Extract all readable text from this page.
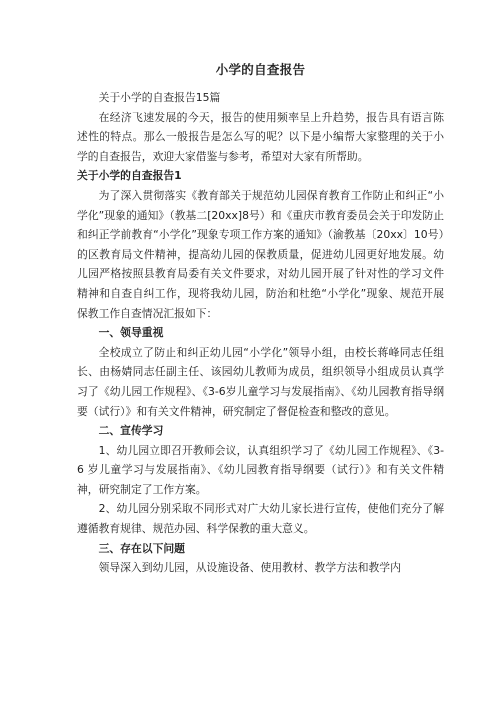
小学的自查报告

关于小学的自查报告15篇

在经济飞速发展的今天，报告的使用频率呈上升趋势，报告具有语言陈述性的特点。那么一般报告是怎么写的呢？以下是小编帮大家整理的关于小学的自查报告，欢迎大家借鉴与参考，希望对大家有所帮助。

关于小学的自查报告1

为了深入贯彻落实《教育部关于规范幼儿园保育教育工作防止和纠正“小学化”现象的通知》（教基二[20xx]8号）和《重庆市教育委员会关于印发防止和纠正学前教育“小学化”现象专项工作方案的通知》（渝教基〔20xx〕10号）的区教育局文件精神，提高幼儿园的保教质量，促进幼儿园更好地发展。幼儿园严格按照县教育局委有关文件要求，对幼儿园开展了针对性的学习文件精神和自查自纠工作，现将我幼儿园，防治和杜绝“小学化”现象、规范开展保教工作自查情况汇报如下：

一、领导重视

全校成立了防止和纠正幼儿园“小学化”领导小组，由校长蒋峰同志任组长、由杨婧同志任副主任、该园幼儿教师为成员，组织领导小组成员认真学习了《幼儿园工作规程》、《3-6岁儿童学习与发展指南》、《幼儿园教育指导纲要（试行）》和有关文件精神，研究制定了督促检查和整改的意见。

二、宣传学习

1、幼儿园立即召开教师会议，认真组织学习了《幼儿园工作规程》、《3-6 岁儿童学习与发展指南》、《幼儿园教育指导纲要（试行）》和有关文件精神，研究制定了工作方案。

2、幼儿园分别采取不同形式对广大幼儿家长进行宣传，使他们充分了解遵循教育规律、规范办园、科学保教的重大意义。

三、存在以下问题

领导深入到幼儿园，从设施设备、使用教材、教学方法和教学内
